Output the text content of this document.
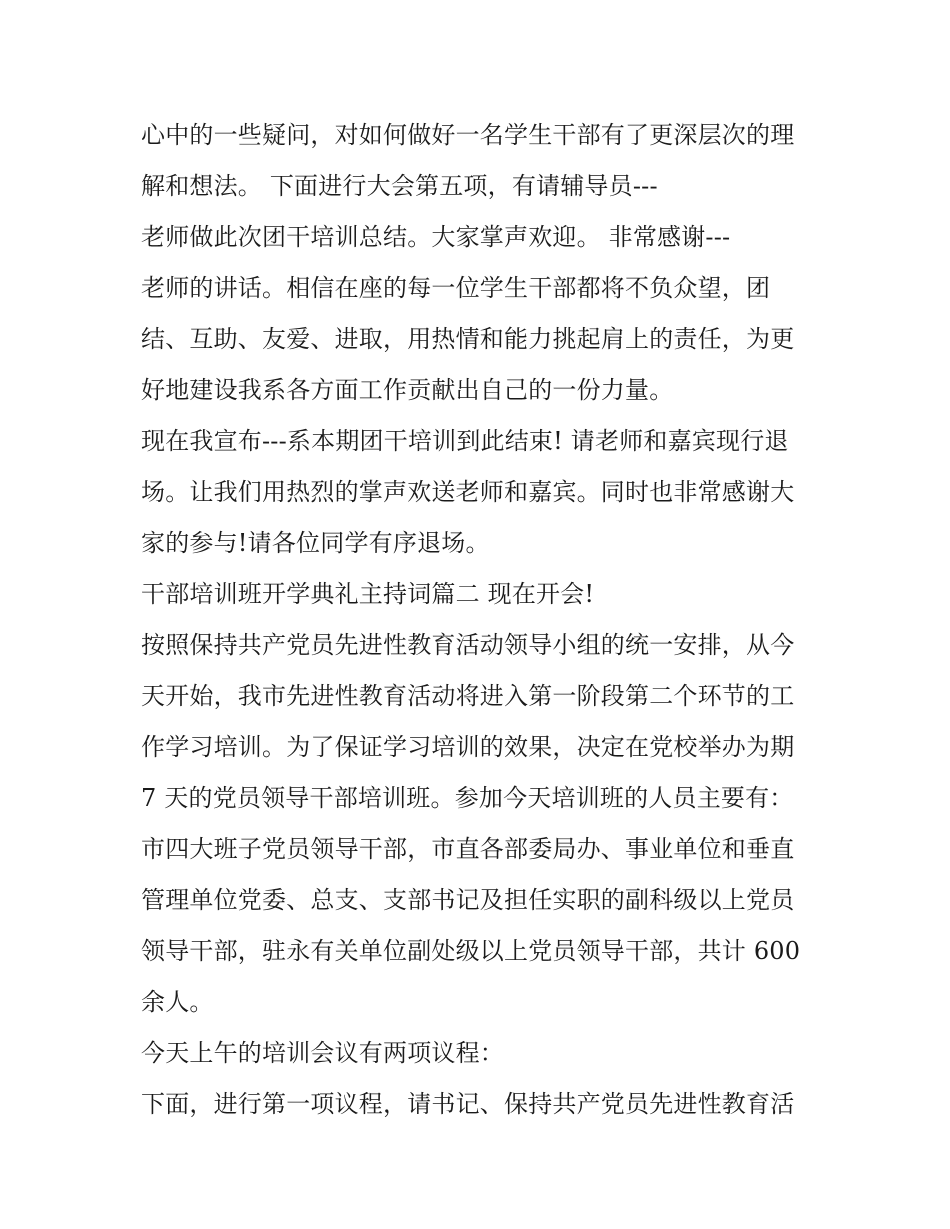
心中的一些疑问，对如何做好一名学生干部有了更深层次的理
解和想法。 下面进行大会第五项，有请辅导员---
老师做此次团干培训总结。大家掌声欢迎。 非常感谢---
老师的讲话。相信在座的每一位学生干部都将不负众望，团
结、互助、友爱、进取，用热情和能力挑起肩上的责任，为更
好地建设我系各方面工作贡献出自己的一份力量。
现在我宣布---系本期团干培训到此结束! 请老师和嘉宾现行退
场。让我们用热烈的掌声欢送老师和嘉宾。同时也非常感谢大
家的参与!请各位同学有序退场。
干部培训班开学典礼主持词篇二 现在开会!
按照保持共产党员先进性教育活动领导小组的统一安排，从今
天开始，我市先进性教育活动将进入第一阶段第二个环节的工
作学习培训。为了保证学习培训的效果，决定在党校举办为期
7 天的党员领导干部培训班。参加今天培训班的人员主要有：
市四大班子党员领导干部，市直各部委局办、事业单位和垂直
管理单位党委、总支、支部书记及担任实职的副科级以上党员
领导干部，驻永有关单位副处级以上党员领导干部，共计 600
余人。
今天上午的培训会议有两项议程：
下面，进行第一项议程，请书记、保持共产党员先进性教育活
